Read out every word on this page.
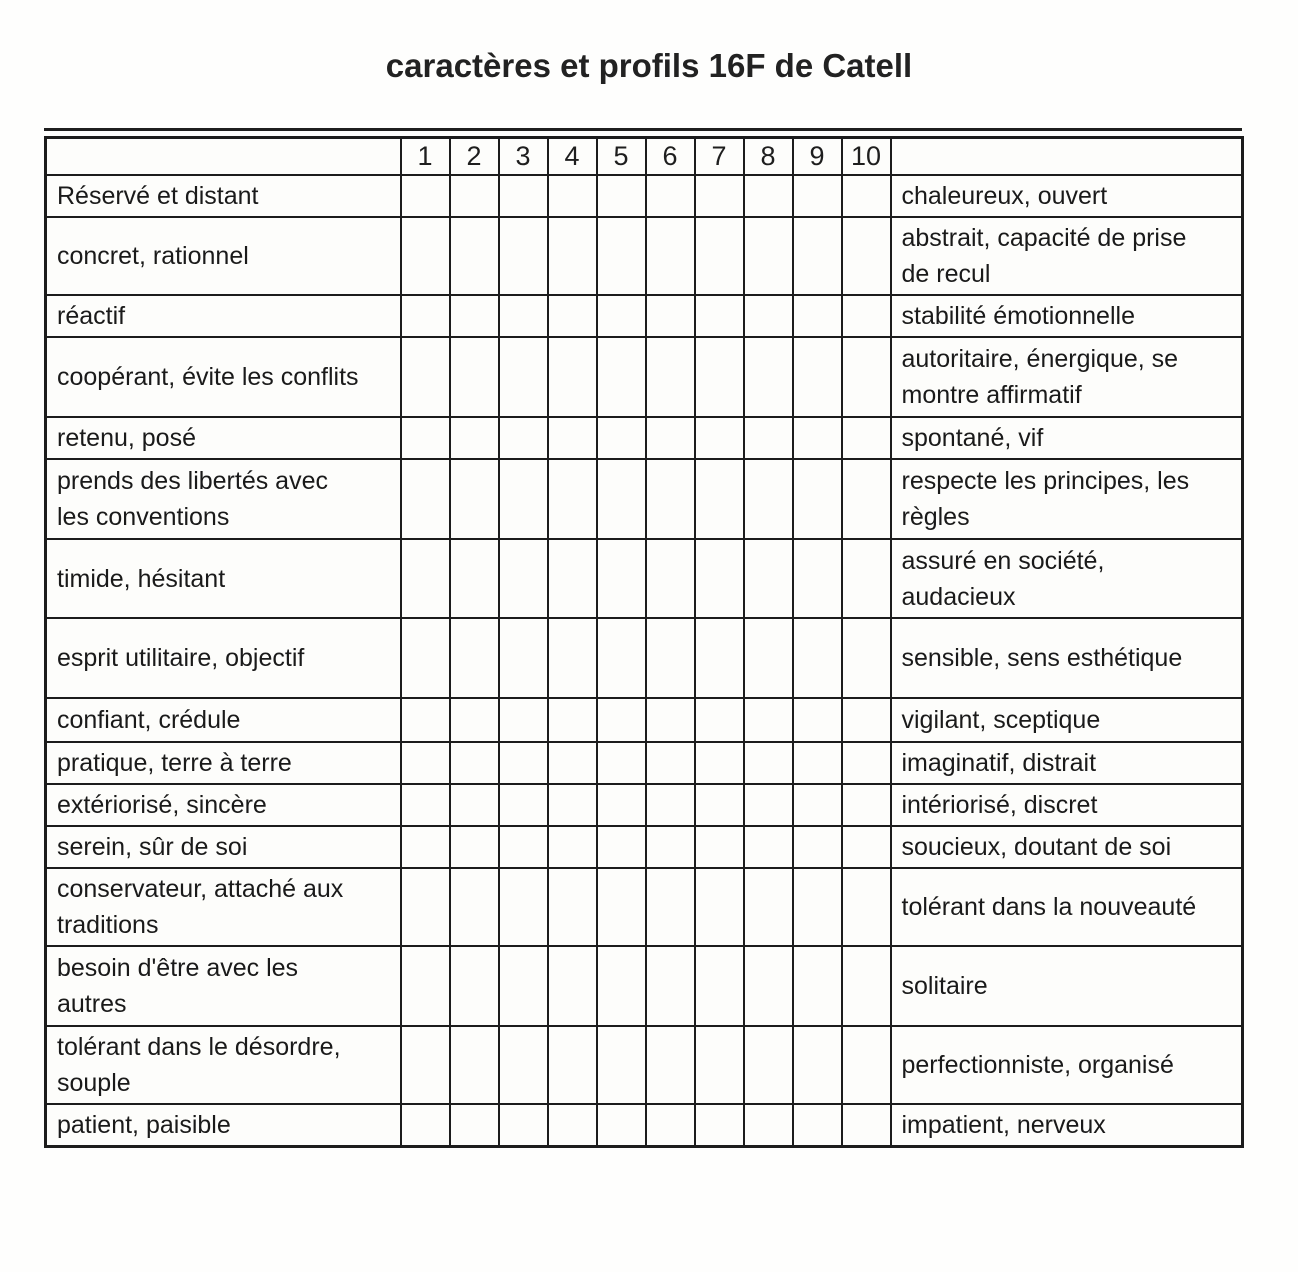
caractères et profils 16F de Catell
	1	2	3	4	5	6	7	8	9	10	
Réservé et distant											chaleureux, ouvert
concret, rationnel											abstrait, capacité de prise de recul
réactif											stabilité émotionnelle
coopérant, évite les conflits											autoritaire, énergique, se montre affirmatif
retenu, posé											spontané, vif
prends des libertés avec les conventions											respecte les principes, les règles
timide, hésitant											assuré en société, audacieux
esprit utilitaire, objectif											sensible, sens esthétique
confiant, crédule											vigilant, sceptique
pratique, terre à terre											imaginatif, distrait
extériorisé, sincère											intériorisé, discret
serein, sûr de soi											soucieux, doutant de soi
conservateur, attaché aux traditions											tolérant dans la nouveauté
besoin d'être avec les autres											solitaire
tolérant dans le désordre, souple											perfectionniste, organisé
patient, paisible											impatient, nerveux
